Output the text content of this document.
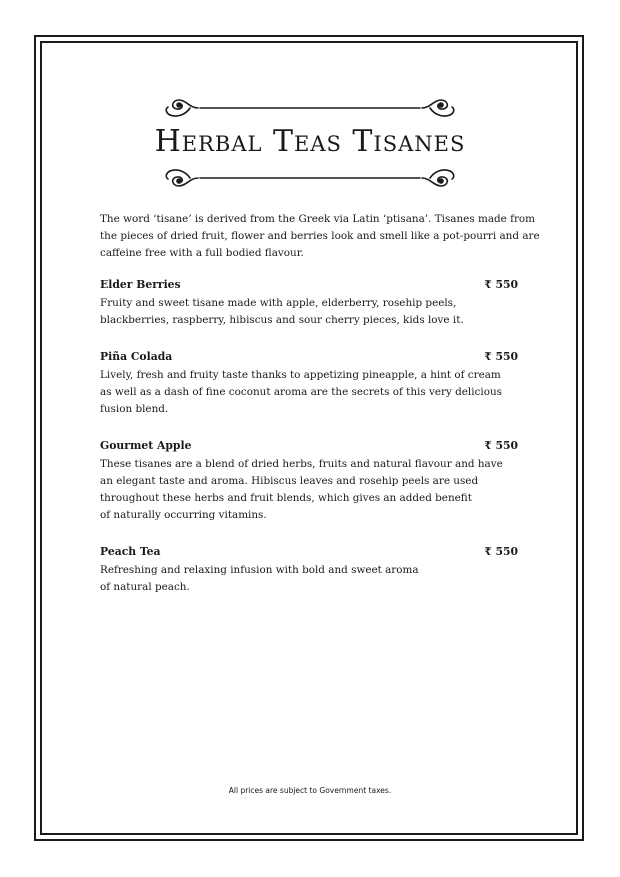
Herbal Teas Tisanes

The word ‘tisane’ is derived from the Greek via Latin ‘ptisana’. Tisanes made from
the pieces of dried fruit, flower and berries look and smell like a pot-pourri and are
caffeine free with a full bodied flavour.

Elder Berries	₹ 550

Fruity and sweet tisane made with apple, elderberry, rosehip peels,
blackberries, raspberry, hibiscus and sour cherry pieces, kids love it.

Piña Colada	₹ 550

Lively, fresh and fruity taste thanks to appetizing pineapple, a hint of cream
as well as a dash of fine coconut aroma are the secrets of this very delicious
fusion blend.

Gourmet Apple	₹ 550

These tisanes are a blend of dried herbs, fruits and natural flavour and have
an elegant taste and aroma. Hibiscus leaves and rosehip peels are used
throughout these herbs and fruit blends, which gives an added benefit
of naturally occurring vitamins.

Peach Tea	₹ 550

Refreshing and relaxing infusion with bold and sweet aroma
of natural peach.

All prices are subject to Government taxes.
